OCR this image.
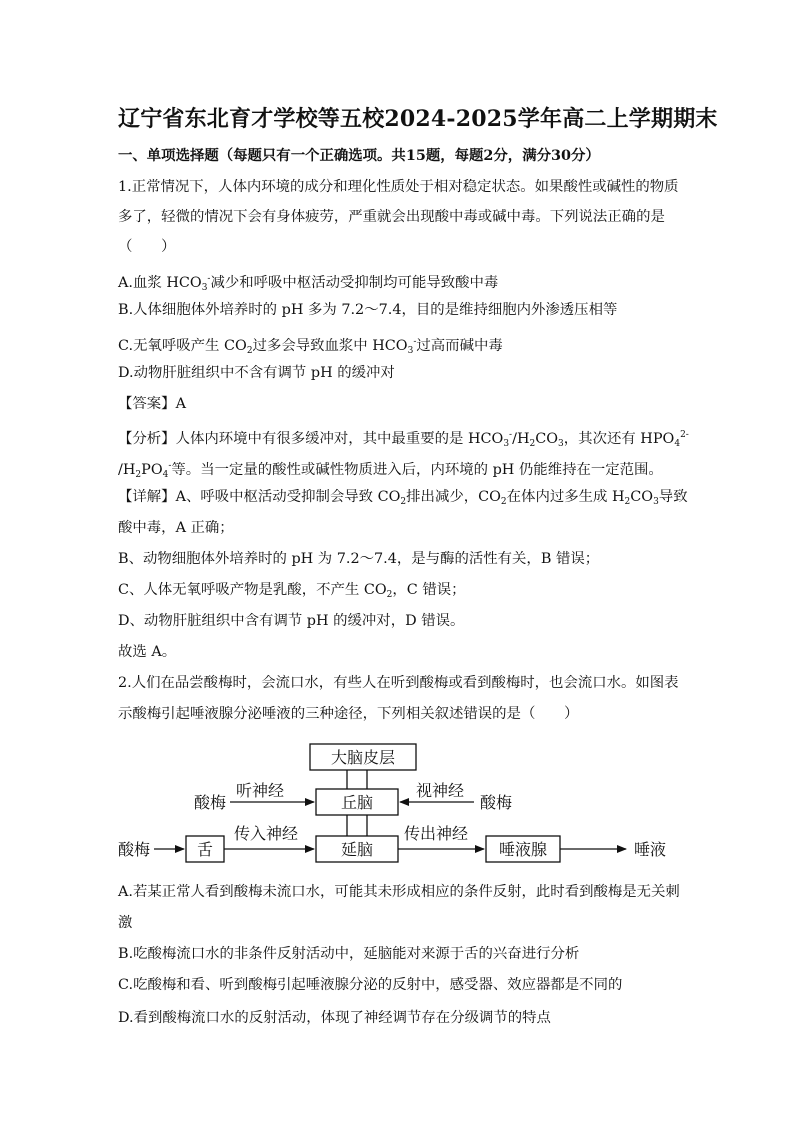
辽宁省东北育才学校等五校2024-2025学年高二上学期期末
一、单项选择题（每题只有一个正确选项。共15题，每题2分，满分30分）
1.正常情况下，人体内环境的成分和理化性质处于相对稳定状态。如果酸性或碱性的物质
多了，轻微的情况下会有身体疲劳，严重就会出现酸中毒或碱中毒。下列说法正确的是
（　　）
A.血浆 $HCO_3^-$减少和呼吸中枢活动受抑制均可能导致酸中毒
B.人体细胞体外培养时的 pH 多为 7.2～7.4，目的是维持细胞内外渗透压相等
C.无氧呼吸产生 $CO_2$过多会导致血浆中 $HCO_3^-$过高而碱中毒
D.动物肝脏组织中不含有调节 pH 的缓冲对
【答案】A
【分析】人体内环境中有很多缓冲对，其中最重要的是 $HCO_3^-/H_2CO_3$，其次还有 $HPO_4^{2-}$
$/H_2PO_4^-$等。当一定量的酸性或碱性物质进入后，内环境的 pH 仍能维持在一定范围。
【详解】A、呼吸中枢活动受抑制会导致 $CO_2$排出减少，$CO_2$在体内过多生成 $H_2CO_3$导致
酸中毒，A 正确；
B、动物细胞体外培养时的 pH 为 7.2～7.4，是与酶的活性有关，B 错误；
C、人体无氧呼吸产物是乳酸，不产生 $CO_2$，C 错误；
D、动物肝脏组织中含有调节 pH 的缓冲对，D 错误。
故选 A。
2.人们在品尝酸梅时，会流口水，有些人在听到酸梅或看到酸梅时，也会流口水。如图表
示酸梅引起唾液腺分泌唾液的三种途径，下列相关叙述错误的是（　　）
大脑皮层
丘脑
延脑
舌	唾液腺
酸梅
听神经
酸梅
视神经
酸梅
传入神经	传出神经
唾液
A.若某正常人看到酸梅未流口水，可能其未形成相应的条件反射，此时看到酸梅是无关刺
激
B.吃酸梅流口水的非条件反射活动中，延脑能对来源于舌的兴奋进行分析
C.吃酸梅和看、听到酸梅引起唾液腺分泌的反射中，感受器、效应器都是不同的
D.看到酸梅流口水的反射活动，体现了神经调节存在分级调节的特点
